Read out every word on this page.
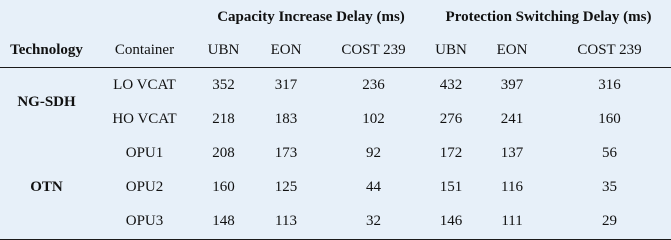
		Capacity Increase Delay (ms)			Protection Switching Delay (ms)		
Technology	Container	UBN	EON	COST 239	UBN	EON	COST 239
NG-SDH	LO VCAT	352	317	236	432	397	316
	HO VCAT	218	183	102	276	241	160
OTN	OPU1	208	173	92	172	137	56
	OPU2	160	125	44	151	116	35
	OPU3	148	113	32	146	111	29
